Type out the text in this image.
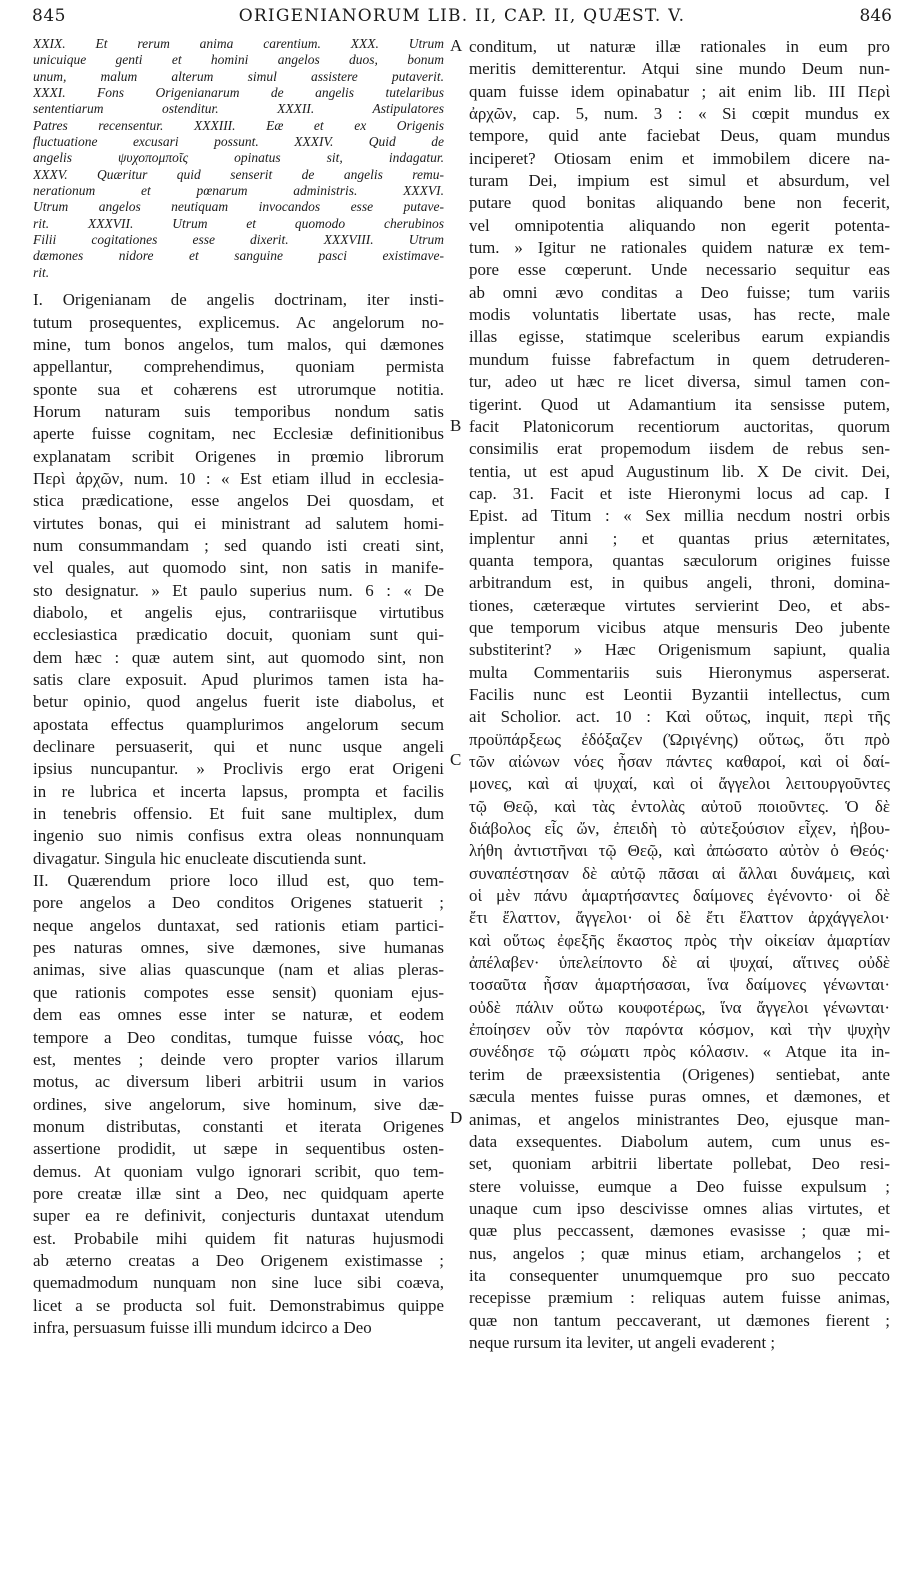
845	ORIGENIANORUM LIB. II, CAP. II, QUÆST. V.	846
XXIX. Et rerum anima carentium. XXX. Utrum
unicuique genti et homini angelos duos, bonum
unum, malum alterum simul assistere putaverit.
XXXI. Fons Origenianarum de angelis tutelaribus
sententiarum ostenditur. XXXII. Astipulatores
Patres recensentur. XXXIII. Eæ et ex Origenis
fluctuatione excusari possunt. XXXIV. Quid de
angelis ψυχοπομποῖς opinatus sit, indagatur.
XXXV. Quæritur quid senserit de angelis remu-
nerationum et pœnarum administris. XXXVI.
Utrum angelos neutiquam invocandos esse putave-
rit. XXXVII. Utrum et quomodo cherubinos
Filii cogitationes esse dixerit. XXXVIII. Utrum
dæmones nidore et sanguine pasci existimave-
rit.
I. Origenianam de angelis doctrinam, iter insti-
tutum prosequentes, explicemus. Ac angelorum no-
mine, tum bonos angelos, tum malos, qui dæmones
appellantur, comprehendimus, quoniam permista
sponte sua et cohærens est utrorumque notitia.
Horum naturam suis temporibus nondum satis
aperte fuisse cognitam, nec Ecclesiæ definitionibus
explanatam scribit Origenes in prœmio librorum
Περὶ ἀρχῶν, num. 10 : « Est etiam illud in ecclesia-
stica prædicatione, esse angelos Dei quosdam, et
virtutes bonas, qui ei ministrant ad salutem homi-
num consummandam ; sed quando isti creati sint,
vel quales, aut quomodo sint, non satis in manife-
sto designatur. » Et paulo superius num. 6 : « De
diabolo, et angelis ejus, contrariisque virtutibus
ecclesiastica prædicatio docuit, quoniam sunt qui-
dem hæc : quæ autem sint, aut quomodo sint, non
satis clare exposuit. Apud plurimos tamen ista ha-
betur opinio, quod angelus fuerit iste diabolus, et
apostata effectus quamplurimos angelorum secum
declinare persuaserit, qui et nunc usque angeli
ipsius nuncupantur. » Proclivis ergo erat Origeni
in re lubrica et incerta lapsus, prompta et facilis
in tenebris offensio. Et fuit sane multiplex, dum
ingenio suo nimis confisus extra oleas nonnunquam
divagatur. Singula hic enucleate discutienda sunt.
II. Quærendum priore loco illud est, quo tem-
pore angelos a Deo conditos Origenes statuerit ;
neque angelos duntaxat, sed rationis etiam partici-
pes naturas omnes, sive dæmones, sive humanas
animas, sive alias quascunque (nam et alias pleras-
que rationis compotes esse sensit) quoniam ejus-
dem eas omnes esse inter se naturæ, et eodem
tempore a Deo conditas, tumque fuisse νόας, hoc
est, mentes ; deinde vero propter varios illarum
motus, ac diversum liberi arbitrii usum in varios
ordines, sive angelorum, sive hominum, sive dæ-
monum distributas, constanti et iterata Origenes
assertione prodidit, ut sæpe in sequentibus osten-
demus. At quoniam vulgo ignorari scribit, quo tem-
pore creatæ illæ sint a Deo, nec quidquam aperte
super ea re definivit, conjecturis duntaxat utendum
est. Probabile mihi quidem fit naturas hujusmodi
ab æterno creatas a Deo Origenem existimasse ;
quemadmodum nunquam non sine luce sibi coæva,
licet a se producta sol fuit. Demonstrabimus quippe
infra, persuasum fuisse illi mundum idcirco a Deo
conditum, ut naturæ illæ rationales in eum pro
meritis demitterentur. Atqui sine mundo Deum nun-
quam fuisse idem opinabatur ; ait enim lib. III Περὶ
ἀρχῶν, cap. 5, num. 3 : « Si cœpit mundus ex
tempore, quid ante faciebat Deus, quam mundus
inciperet? Otiosam enim et immobilem dicere na-
turam Dei, impium est simul et absurdum, vel
putare quod bonitas aliquando bene non fecerit,
vel omnipotentia aliquando non egerit potenta-
tum. » Igitur ne rationales quidem naturæ ex tem-
pore esse cœperunt. Unde necessario sequitur eas
ab omni ævo conditas a Deo fuisse; tum variis
modis voluntatis libertate usas, has recte, male
illas egisse, statimque sceleribus earum expiandis
mundum fuisse fabrefactum in quem detruderen-
tur, adeo ut hæc re licet diversa, simul tamen con-
tigerint. Quod ut Adamantium ita sensisse putem,
facit Platonicorum recentiorum auctoritas, quorum
consimilis erat propemodum iisdem de rebus sen-
tentia, ut est apud Augustinum lib. X De civit. Dei,
cap. 31. Facit et iste Hieronymi locus ad cap. I
Epist. ad Titum : « Sex millia necdum nostri orbis
implentur anni ; et quantas prius æternitates,
quanta tempora, quantas sæculorum origines fuisse
arbitrandum est, in quibus angeli, throni, domina-
tiones, cæteræque virtutes servierint Deo, et abs-
que temporum vicibus atque mensuris Deo jubente
substiterint? » Hæc Origenismum sapiunt, qualia
multa Commentariis suis Hieronymus asperserat.
Facilis nunc est Leontii Byzantii intellectus, cum
ait Scholior. act. 10 : Καὶ οὕτως, inquit, περὶ τῆς
προϋπάρξεως ἐδόξαζεν (Ὠριγένης) οὕτως, ὅτι πρὸ
τῶν αἰώνων νόες ἦσαν πάντες καθαροί, καὶ οἱ δαί-
μονες, καὶ αἱ ψυχαί, καὶ οἱ ἄγγελοι λειτουργοῦντες
τῷ Θεῷ, καὶ τὰς ἐντολὰς αὐτοῦ ποιοῦντες. Ὁ δὲ
διάβολος εἷς ὤν, ἐπειδὴ τὸ αὐτεξούσιον εἶχεν, ἠβου-
λήθη ἀντιστῆναι τῷ Θεῷ, καὶ ἀπώσατο αὐτὸν ὁ Θεός·
συναπέστησαν δὲ αὐτῷ πᾶσαι αἱ ἄλλαι δυνάμεις, καὶ
οἱ μὲν πάνυ ἁμαρτήσαντες δαίμονες ἐγένοντο· οἱ δὲ
ἔτι ἔλαττον, ἄγγελοι· οἱ δὲ ἔτι ἔλαττον ἀρχάγγελοι·
καὶ οὕτως ἐφεξῆς ἕκαστος πρὸς τὴν οἰκείαν ἁμαρτίαν
ἀπέλαβεν· ὑπελείποντο δὲ αἱ ψυχαί, αἵτινες οὐδὲ
τοσαῦτα ἦσαν ἁμαρτήσασαι, ἵνα δαίμονες γένωνται·
οὐδὲ πάλιν οὕτω κουφοτέρως, ἵνα ἄγγελοι γένωνται·
ἐποίησεν οὖν τὸν παρόντα κόσμον, καὶ τὴν ψυχὴν
συνέδησε τῷ σώματι πρὸς κόλασιν. « Atque ita in-
terim de præexsistentia (Origenes) sentiebat, ante
sæcula mentes fuisse puras omnes, et dæmones, et
animas, et angelos ministrantes Deo, ejusque man-
data exsequentes. Diabolum autem, cum unus es-
set, quoniam arbitrii libertate pollebat, Deo resi-
stere voluisse, eumque a Deo fuisse expulsum ;
unaque cum ipso descivisse omnes alias virtutes, et
quæ plus peccassent, dæmones evasisse ; quæ mi-
nus, angelos ; quæ minus etiam, archangelos ; et
ita consequenter unumquemque pro suo peccato
recepisse præmium : reliquas autem fuisse animas,
quæ non tantum peccaverant, ut dæmones fierent ;
neque rursum ita leviter, ut angeli evaderent ;
A
B
C
D
